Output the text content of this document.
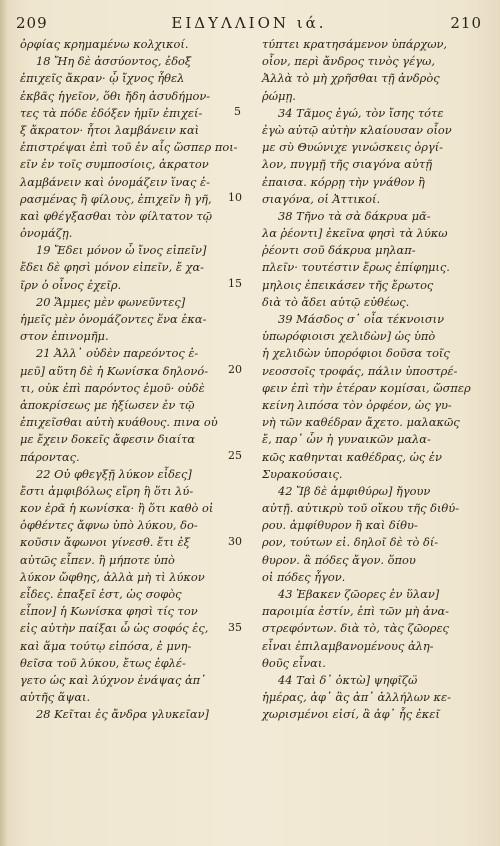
209	ΕΙΔΥΛΛΙΟΝ ιά.	210
ὀρφίας κρημαμένω κολχικοί.
18 Ἤη δὲ ἀσσύοντος, ἐδοξ̈
ἐπιχεῖς ἄκραν· ᾧ ἴχνος ἦθελ
ἐκβᾶς ἡγεῖον, ὅθι ἤδη ἀσυδήμον-
τες τὰ πόδε ἐδόξεν ἡμῖν ἐπιχεί-
ξ ἄκρατον· ἦτοι λαμβάνειν καὶ
ἐπιστρέψαι ἐπὶ τοῦ ἐν αἷς ὥσπερ ποι-
εῖν ἐν τοῖς συμποσίοις, ἀκρατον
λαμβάνειν καὶ ὀνομάζειν ἵνας ἐ-
ρασμένας ἢ φίλους, ἐπιχεῖν ἢ γῆ,
καὶ φθέγξασθαι τὸν φίλτατον τῷ
ὀνομάζῃ.
19 Ἔδει μόνον ὦ ἴνος εἰπεῖν]
ἔδει δὲ φησὶ μόνον εἰπεῖν, ἔ χα-
ῖρν ὁ οἶνος ἐχεῖρ.
20 Ἅμμες μὲν φωνεῦντες]
ἡμεῖς μὲν ὀνομάζοντες ἕνα ἑκα-
στον ἐπινομῆμ.
21 Ἀλλ᾽ οὐδὲν παρεόντος ἐ-
μεῦ] αὕτη δὲ ἡ Κωνίσκα δηλονό-
τι, οὐκ ἐπὶ παρόντος ἐμοῦ· οὐδὲ
ἀποκρίσεως με ἠξίωσεν ἐν τῷ
ἐπιχεῖσθαι αὐτὴ κυάθους. πινα οὐ
με ἔχειν δοκεῖς ἄφεσιν διαίτα
πάροντας.
22 Οὐ φθεγξῇ λύκον εἶδες]
ἔστι ἀμφιβόλως εἴρη ἣ ὅτι λύ-
κον ἐρᾶ ἡ κωνίσκα· ἢ ὅτι καθὸ οἱ
ὀφθέντες ἄφνω ὑπὸ λύκου, δο-
κοῦσιν ἄφωνοι γίνεσθ. ἔτι ἐξ
αὐτῶς εἶπεν. ἢ μήποτε ὑπὸ
λύκον ὤφθης, ἀλλὰ μὴ τὶ λύκον
εἶδες. ἐπαξεῖ ἐστ, ὡς σοφὸς
εἶπον] ἡ Κωνίσκα φησὶ τίς τον
εἰς αὐτὴν παίξαι ὦ ὡς σοφός ἐς,
καὶ ἅμα τούτῳ εἰπόσα, ἐ μνη-
θεῖσα τοῦ λύκου, ἔτως ἐφλέ-
γετο ὡς καὶ λύχνον ἐνάψας ἀπ᾽
αὐτῆς ἅψαι.
28 Κεῖται ἐς ἄνδρα γλυκεῖαν]
τύπτει κρατησάμενον ὑπάρχων,
οἷον, περὶ ἄνδρος τινὸς γέγω,
Ἀλλὰ τὸ μὴ χρῆσθαι τῇ ἀνδρὸς
ῥώμῃ.
34 Τᾶμος ἐγώ, τὸν ἴσης τότε
ἐγὼ αὐτῷ αὐτὴν κλαίουσαν οἷον
με σὺ Θυώνιχε γινώσκεις ὀργί-
λον, πυγμῇ τῆς σιαγόνα αὐτῇ
ἐπαισα. κόρρῃ τὴν γνάθον ἢ
σιαγόνα, οἱ Ἀττικοί.
38 Τῆνο τὰ σὰ δάκρυα μᾶ-
λα ῥέοντι] ἐκεῖνα φησὶ τὰ λύκω
ῥέοντι σοῦ δάκρυα μηλαπ-
πλεῖν· τουτέστιν ἔρως ἐπίφημις.
μηλοις ἐπεικάσεν τῆς ἔρωτος
διὰ τὸ ἄδει αὐτῷ εὐθέως.
39 Μάσδος σ᾽ οἷα τέκνοισιν
ὑπωρόφιοισι χελιδὼν] ὡς ὑπὸ
ἡ χελιδὼν ὑπορόφιοι δοῦσα τοῖς
νεοσσοῖς τροφάς, πάλιν ὑποστρέ-
φειν ἐπὶ τὴν ἑτέραν κομίσαι, ὥσπερ
κείνη λιπόσα τὸν ὀρφέον, ὡς γυ-
νὴ τῶν καθέδραν ἄχετο. μαλακῶς
ἔ, παρ᾽ ὧν ἡ γυναικῶν μαλα-
κῶς καθηνται καθέδρας, ὡς ἐν
Συρακούσαις.
42 Ἴβ δὲ ἀμφιθύρω] ἤγουν
αὐτῇ. αὐτικρὺ τοῦ οἴκου τῆς διθύ-
ρου. ἀμφίθυρον ἢ καὶ δίθυ-
ρον, τούτων εἰ. δηλοῖ δὲ τὸ δί-
θυρον. ἃ πόδες ἄγον. ὅπου
οἱ πόδες ἦγον.
43 Ἐβακεν ζῶορες ἐν ὕλαν]
παροιμία ἐστίν, ἐπὶ τῶν μὴ ἀνα-
στρεφόντων. διὰ τὸ, τὰς ζῶορες
εἶναι ἐπιλαμβανομένους ἀλη-
θοῦς εἶναι.
44 Ταὶ δ᾽ ὀκτὼ] ψηφῖζω̈
ἡμέρας, ἀφ᾽ ἃς ἀπ᾽ ἀλλήλων κε-
χωρισμένοι εἰσί, ἃ ἀφ᾽ ἧς ἐκεῖ
5
10
15
20
25
30
35
